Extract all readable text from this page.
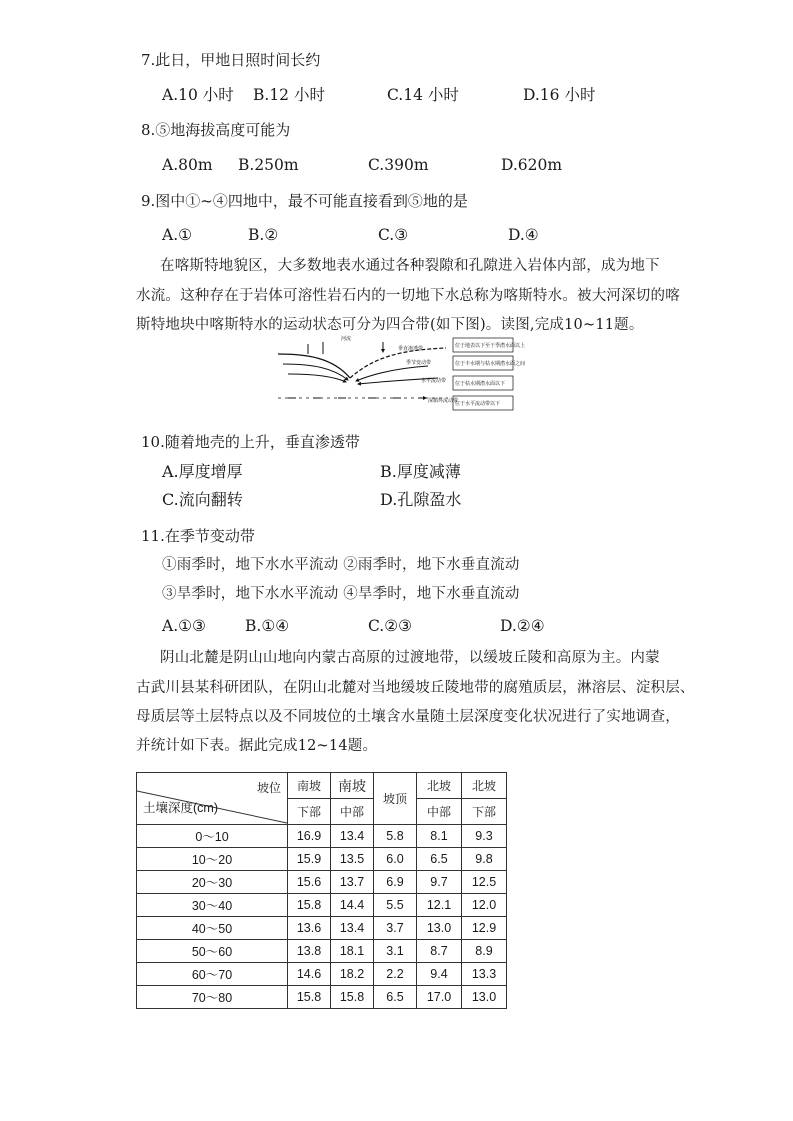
7.此日，甲地日照时间长约
A.10 小时 B.12 小时	C.14 小时	D.16 小时
8.⑤地海拔高度可能为
A.80m B.250m	C.390m	D.620m
9.图中①~④四地中，最不可能直接看到⑤地的是
A.①	B.②	C.③	D.④
在喀斯特地貌区，大多数地表水通过各种裂隙和孔隙进入岩体内部，成为地下
水流。这种存在于岩体可溶性岩石内的一切地下水总称为喀斯特水。被大河深切的喀
斯特地块中喀斯特水的运动状态可分为四合带(如下图)。读图,完成10~11题。
河流
垂直渗透带
季节变动带
水平流动带
深循环流动带
位于地表以下至干季潜水面以上
位于丰水期与枯水期潜水面之间
位于枯水期潜水面以下
位于水平流动带以下
10.随着地壳的上升，垂直渗透带
A.厚度增厚	B.厚度减薄
C.流向翻转	D.孔隙盈水
11.在季节变动带
①雨季时，地下水水平流动 ②雨季时，地下水垂直流动
③旱季时，地下水水平流动 ④旱季时，地下水垂直流动
A.①③	B.①④	C.②③	D.②④
阴山北麓是阴山山地向内蒙古高原的过渡地带，以缓坡丘陵和高原为主。内蒙
古武川县某科研团队，在阴山北麓对当地缓坡丘陵地带的腐殖质层，淋溶层、淀积层、
母质层等土层特点以及不同坡位的土壤含水量随土层深度变化状况进行了实地调查，
并统计如下表。据此完成12~14题。
坡位
土壤深度(cm)	南坡	南坡	坡顶	北坡	北坡
	下部	中部		中部	下部
0～10	16.9	13.4	5.8	8.1	9.3
10～20	15.9	13.5	6.0	6.5	9.8
20～30	15.6	13.7	6.9	9.7	12.5
30～40	15.8	14.4	5.5	12.1	12.0
40～50	13.6	13.4	3.7	13.0	12.9
50～60	13.8	18.1	3.1	8.7	8.9
60～70	14.6	18.2	2.2	9.4	13.3
70～80	15.8	15.8	6.5	17.0	13.0
